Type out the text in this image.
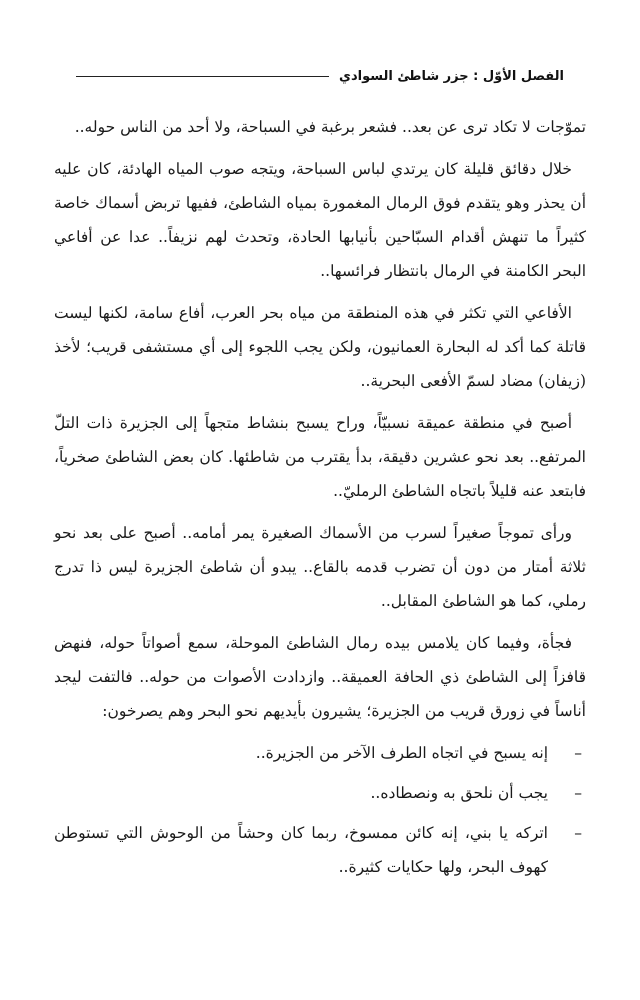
الفصل الأوّل : جزر شاطئ السوادي

تموّجات لا تكاد ترى عن بعد.. فشعر برغبة في السباحة، ولا أحد من الناس حوله..

خلال دقائق قليلة كان يرتدي لباس السباحة، ويتجه صوب المياه الهادئة، كان عليه أن يحذر وهو يتقدم فوق الرمال المغمورة بمياه الشاطئ، ففيها تربض أسماك خاصة كثيراً ما تنهش أقدام السبّاحين بأنيابها الحادة، وتحدث لهم نزيفاً.. عدا عن أفاعي البحر الكامنة في الرمال بانتظار فرائسها..

الأفاعي التي تكثر في هذه المنطقة من مياه بحر العرب، أفاع سامة، لكنها ليست قاتلة كما أكد له البحارة العمانيون، ولكن يجب اللجوء إلى أي مستشفى قريب؛ لأخذ (زيفان) مضاد لسمّ الأفعى البحرية..

أصبح في منطقة عميقة نسبيّاً، وراح يسبح بنشاط متجهاً إلى الجزيرة ذات التلّ المرتفع.. بعد نحو عشرين دقيقة، بدأ يقترب من شاطئها. كان بعض الشاطئ صخرياً، فابتعد عنه قليلاً باتجاه الشاطئ الرمليّ..

ورأى تموجاً صغيراً لسرب من الأسماك الصغيرة يمر أمامه.. أصبح على بعد نحو ثلاثة أمتار من دون أن تضرب قدمه بالقاع.. يبدو أن شاطئ الجزيرة ليس ذا تدرج رملي، كما هو الشاطئ المقابل..

فجأة، وفيما كان يلامس بيده رمال الشاطئ الموحلة، سمع أصواتاً حوله، فنهض قافزاً إلى الشاطئ ذي الحافة العميقة.. وازدادت الأصوات من حوله.. فالتفت ليجد أناساً في زورق قريب من الجزيرة؛ يشيرون بأيديهم نحو البحر وهم يصرخون:

–
إنه يسبح في اتجاه الطرف الآخر من الجزيرة..
–
يجب أن نلحق به ونصطاده..
–
اتركه يا بني، إنه كائن ممسوخ، ربما كان وحشاً من الوحوش التي تستوطن كهوف البحر، ولها حكايات كثيرة..
